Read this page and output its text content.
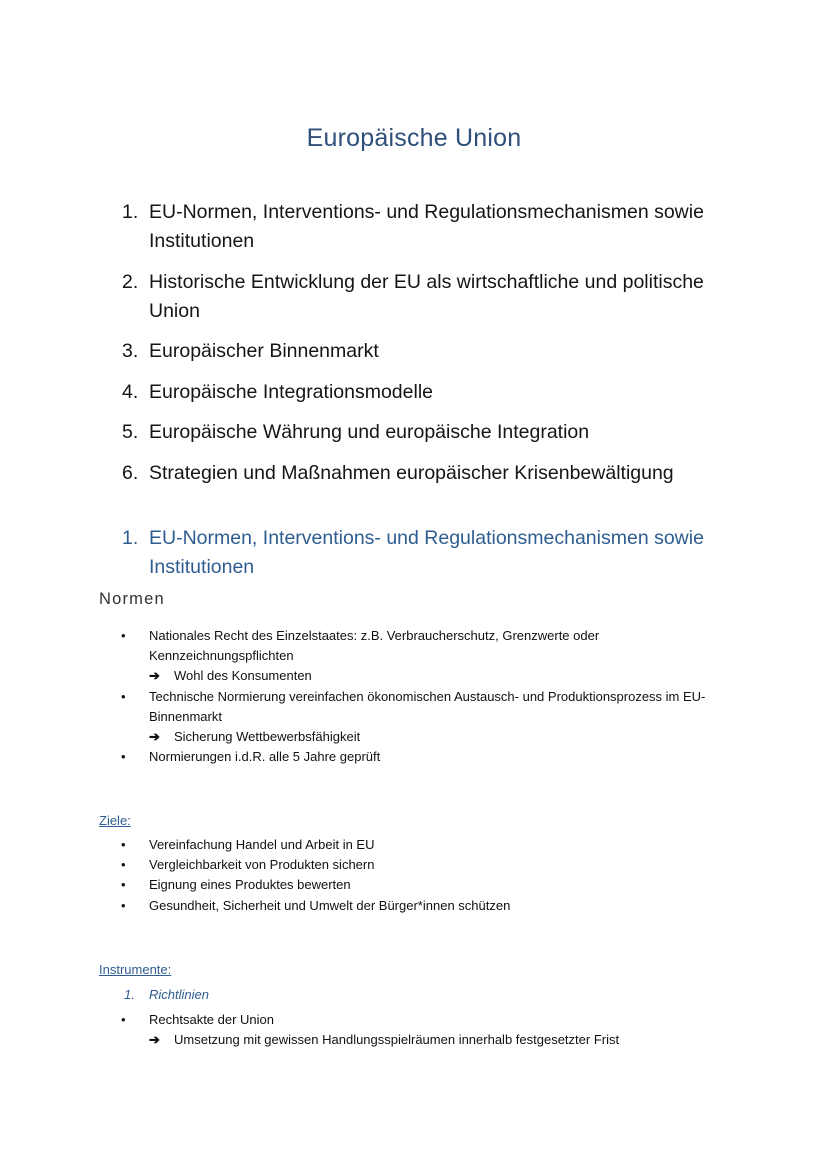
Europäische Union
1. EU-Normen, Interventions- und Regulationsmechanismen sowie Institutionen
2. Historische Entwicklung der EU als wirtschaftliche und politische Union
3. Europäischer Binnenmarkt
4. Europäische Integrationsmodelle
5. Europäische Währung und europäische Integration
6. Strategien und Maßnahmen europäischer Krisenbewältigung
1. EU-Normen, Interventions- und Regulationsmechanismen sowie Institutionen
Normen
• Nationales Recht des Einzelstaates: z.B. Verbraucherschutz, Grenzwerte oder Kennzeichnungspflichten
➔ Wohl des Konsumenten
• Technische Normierung vereinfachen ökonomischen Austausch- und Produktionsprozess im EU-Binnenmarkt
➔ Sicherung Wettbewerbsfähigkeit
• Normierungen i.d.R. alle 5 Jahre geprüft
Ziele:
• Vereinfachung Handel und Arbeit in EU
• Vergleichbarkeit von Produkten sichern
• Eignung eines Produktes bewerten
• Gesundheit, Sicherheit und Umwelt der Bürger*innen schützen
Instrumente:
1. Richtlinien
• Rechtsakte der Union
➔ Umsetzung mit gewissen Handlungsspielräumen innerhalb festgesetzter Frist
